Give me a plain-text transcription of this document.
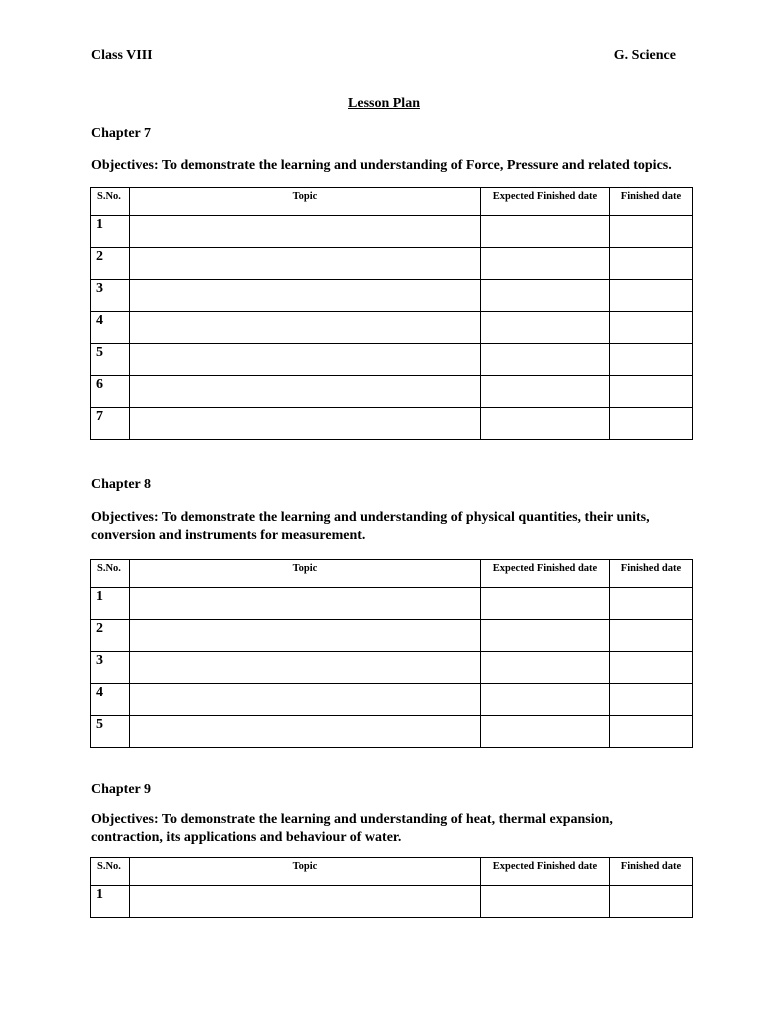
Class VIII	G. Science
Lesson Plan
Chapter 7
Objectives: To demonstrate the learning and understanding of Force, Pressure and related topics.
S.No.	Topic	Expected Finished date	Finished date
1			
2			
3			
4			
5			
6			
7			
Chapter 8
Objectives: To demonstrate the learning and understanding of physical quantities, their units,
conversion and instruments for measurement.
S.No.	Topic	Expected Finished date	Finished date
1			
2			
3			
4			
5			
Chapter 9
Objectives: To demonstrate the learning and understanding of heat, thermal expansion,
contraction, its applications and behaviour of water.
S.No.	Topic	Expected Finished date	Finished date
1			
